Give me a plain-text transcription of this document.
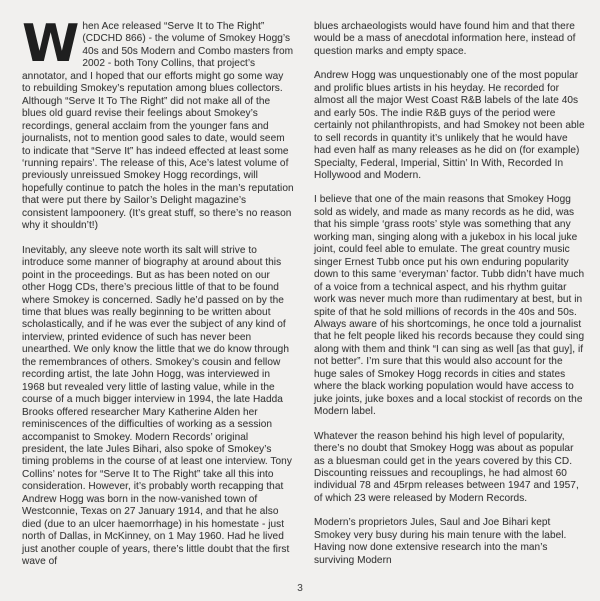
When Ace released “Serve It to The Right” (CDCHD 866) - the volume of Smokey Hogg’s 40s and 50s Modern and Combo masters from 2002 - both Tony Collins, that project’s annotator, and I hoped that our efforts might go some way to rebuilding Smokey’s reputation among blues collectors. Although “Serve It To The Right” did not make all of the blues old guard revise their feelings about Smokey’s recordings, general acclaim from the younger fans and journalists, not to mention good sales to date, would seem to indicate that “Serve It” has indeed effected at least some ‘running repairs’. The release of this, Ace’s latest volume of previously unreissued Smokey Hogg recordings, will hopefully continue to patch the holes in the man’s reputation that were put there by Sailor’s Delight magazine’s consistent lampoonery. (It’s great stuff, so there’s no reason why it shouldn’t!)

Inevitably, any sleeve note worth its salt will strive to introduce some manner of biography at around about this point in the proceedings. But as has been noted on our other Hogg CDs, there’s precious little of that to be found where Smokey is concerned. Sadly he’d passed on by the time that blues was really beginning to be written about scholastically, and if he was ever the subject of any kind of interview, printed evidence of such has never been unearthed. We only know the little that we do know through the remembrances of others. Smokey’s cousin and fellow recording artist, the late John Hogg, was interviewed in 1968 but revealed very little of lasting value, while in the course of a much bigger interview in 1994, the late Hadda Brooks offered researcher Mary Katherine Alden her reminiscences of the difficulties of working as a session accompanist to Smokey. Modern Records’ original president, the late Jules Bihari, also spoke of Smokey’s timing problems in the course of at least one interview. Tony Collins’ notes for “Serve It to The Right” take all this into consideration. However, it’s probably worth recapping that Andrew Hogg was born in the now-vanished town of Westconnie, Texas on 27 January 1914, and that he also died (due to an ulcer haemorrhage) in his homestate - just north of Dallas, in McKinney, on 1 May 1960. Had he lived just another couple of years, there’s little doubt that the first wave of

blues archaeologists would have found him and that there would be a mass of anecdotal information here, instead of question marks and empty space.

Andrew Hogg was unquestionably one of the most popular and prolific blues artists in his heyday. He recorded for almost all the major West Coast R&B labels of the late 40s and early 50s. The indie R&B guys of the period were certainly not philanthropists, and had Smokey not been able to sell records in quantity it’s unlikely that he would have had even half as many releases as he did on (for example) Specialty, Federal, Imperial, Sittin’ In With, Recorded In Hollywood and Modern.

I believe that one of the main reasons that Smokey Hogg sold as widely, and made as many records as he did, was that his simple ‘grass roots’ style was something that any working man, singing along with a jukebox in his local juke joint, could feel able to emulate. The great country music singer Ernest Tubb once put his own enduring popularity down to this same ‘everyman’ factor. Tubb didn’t have much of a voice from a technical aspect, and his rhythm guitar work was never much more than rudimentary at best, but in spite of that he sold millions of records in the 40s and 50s. Always aware of his shortcomings, he once told a journalist that he felt people liked his records because they could sing along with them and think “I can sing as well [as that guy], if not better”. I’m sure that this would also account for the huge sales of Smokey Hogg records in cities and states where the black working population would have access to juke joints, juke boxes and a local stockist of records on the Modern label.

Whatever the reason behind his high level of popularity, there’s no doubt that Smokey Hogg was about as popular as a bluesman could get in the years covered by this CD. Discounting reissues and recouplings, he had almost 60 individual 78 and 45rpm releases between 1947 and 1957, of which 23 were released by Modern Records.

Modern’s proprietors Jules, Saul and Joe Bihari kept Smokey very busy during his main tenure with the label. Having now done extensive research into the man’s surviving Modern

3
